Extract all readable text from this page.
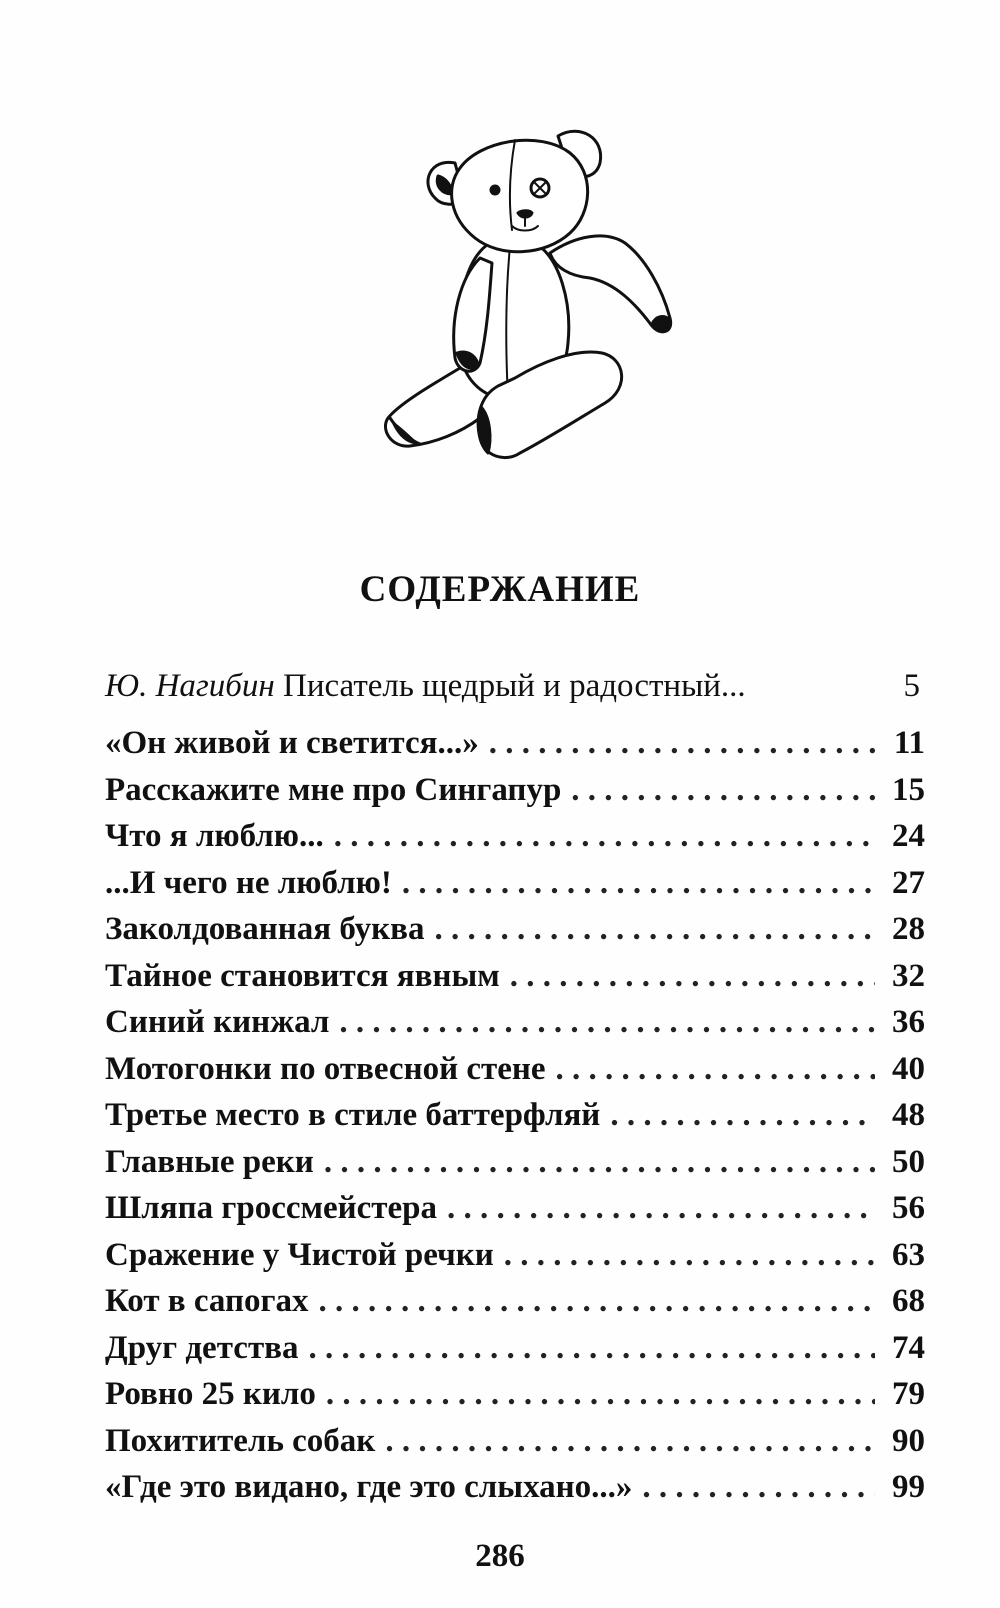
СОДЕРЖАНИЕ
Ю. Нагибин Писатель щедрый и радостный...	5
«Он живой и светится...» . . .	11
Расскажите мне про Сингапур . . .	15
Что я люблю... . . .	24
...И чего не люблю! . . .	27
Заколдованная буква . . .	28
Тайное становится явным . . .	32
Синий кинжал . . .	36
Мотогонки по отвесной стене . . .	40
Третье место в стиле баттерфляй . . .	48
Главные реки . . .	50
Шляпа гроссмейстера . . .	56
Сражение у Чистой речки . . .	63
Кот в сапогах . . .	68
Друг детства . . .	74
Ровно 25 кило . . .	79
Похититель собак . . .	90
«Где это видано, где это слыхано...» . . .	99
286
